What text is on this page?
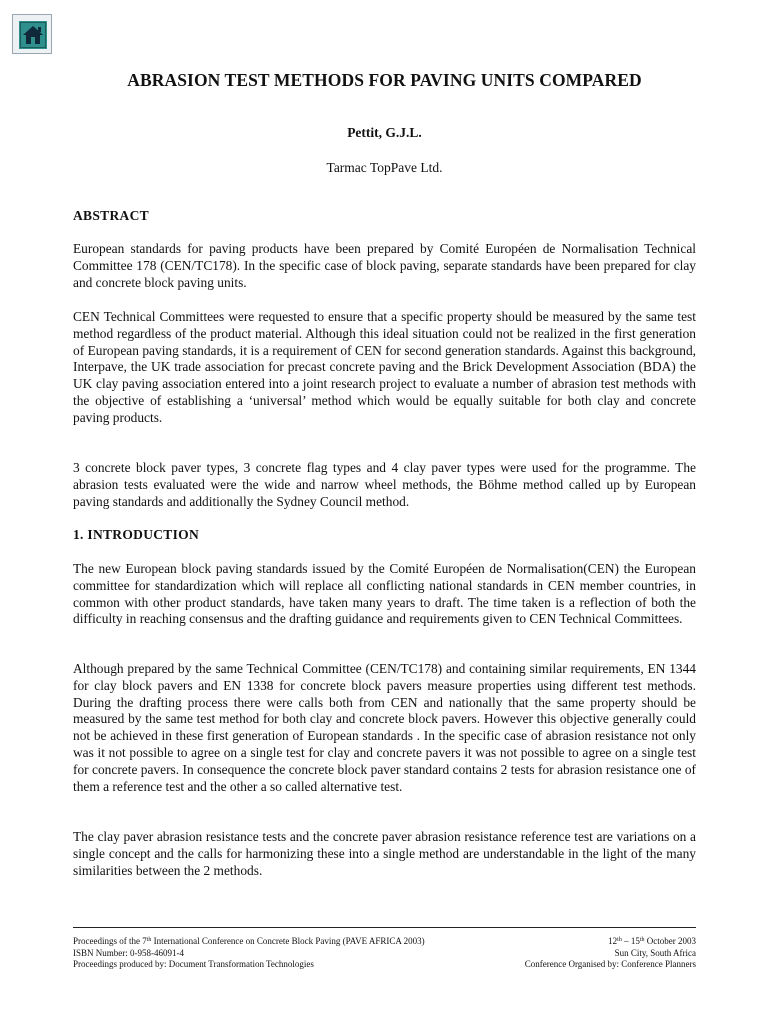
ABRASION TEST METHODS FOR PAVING UNITS COMPARED
Pettit, G.J.L.
Tarmac TopPave Ltd.
ABSTRACT

European standards for paving products have been prepared by Comité Européen de Normalisation Technical Committee 178 (CEN/TC178). In the specific case of block paving, separate standards have been prepared for clay and concrete block paving units.

CEN Technical Committees were requested to ensure that a specific property should be measured by the same test method regardless of the product material. Although this ideal situation could not be realized in the first generation of European paving standards, it is a requirement of CEN for second generation standards. Against this background, Interpave, the UK trade association for precast concrete paving and the Brick Development Association (BDA) the UK clay paving association entered into a joint research project to evaluate a number of abrasion test methods with the objective of establishing a ‘universal’ method which would be equally suitable for both clay and concrete paving products.

3 concrete block paver types, 3 concrete flag types and 4 clay paver types were used for the programme. The abrasion tests evaluated were the wide and narrow wheel methods, the Böhme method called up by European paving standards and additionally the Sydney Council method.

1. INTRODUCTION

The new European block paving standards issued by the Comité Européen de Normalisation(CEN) the European committee for standardization which will replace all conflicting national standards in CEN member countries, in common with other product standards, have taken many years to draft. The time taken is a reflection of both the difficulty in reaching consensus and the drafting guidance and requirements given to CEN Technical Committees.

Although prepared by the same Technical Committee (CEN/TC178) and containing similar requirements, EN 1344 for clay block pavers and EN 1338 for concrete block pavers measure properties using different test methods. During the drafting process there were calls both from CEN and nationally that the same property should be measured by the same test method for both clay and concrete block pavers. However this objective generally could not be achieved in these first generation of European standards . In the specific case of abrasion resistance not only was it not possible to agree on a single test for clay and concrete pavers it was not possible to agree on a single test for concrete pavers. In consequence the concrete block paver standard contains 2 tests for abrasion resistance one of them a reference test and the other a so called alternative test.

The clay paver abrasion resistance tests and the concrete paver abrasion resistance reference test are variations on a single concept and the calls for harmonizing these into a single method are understandable in the light of the many similarities between the 2 methods.

Proceedings of the 7th International Conference on Concrete Block Paving (PAVE AFRICA 2003)
ISBN Number: 0-958-46091-4
Proceedings produced by: Document Transformation Technologies
12th – 15th October 2003
Sun City, South Africa
Conference Organised by: Conference Planners
